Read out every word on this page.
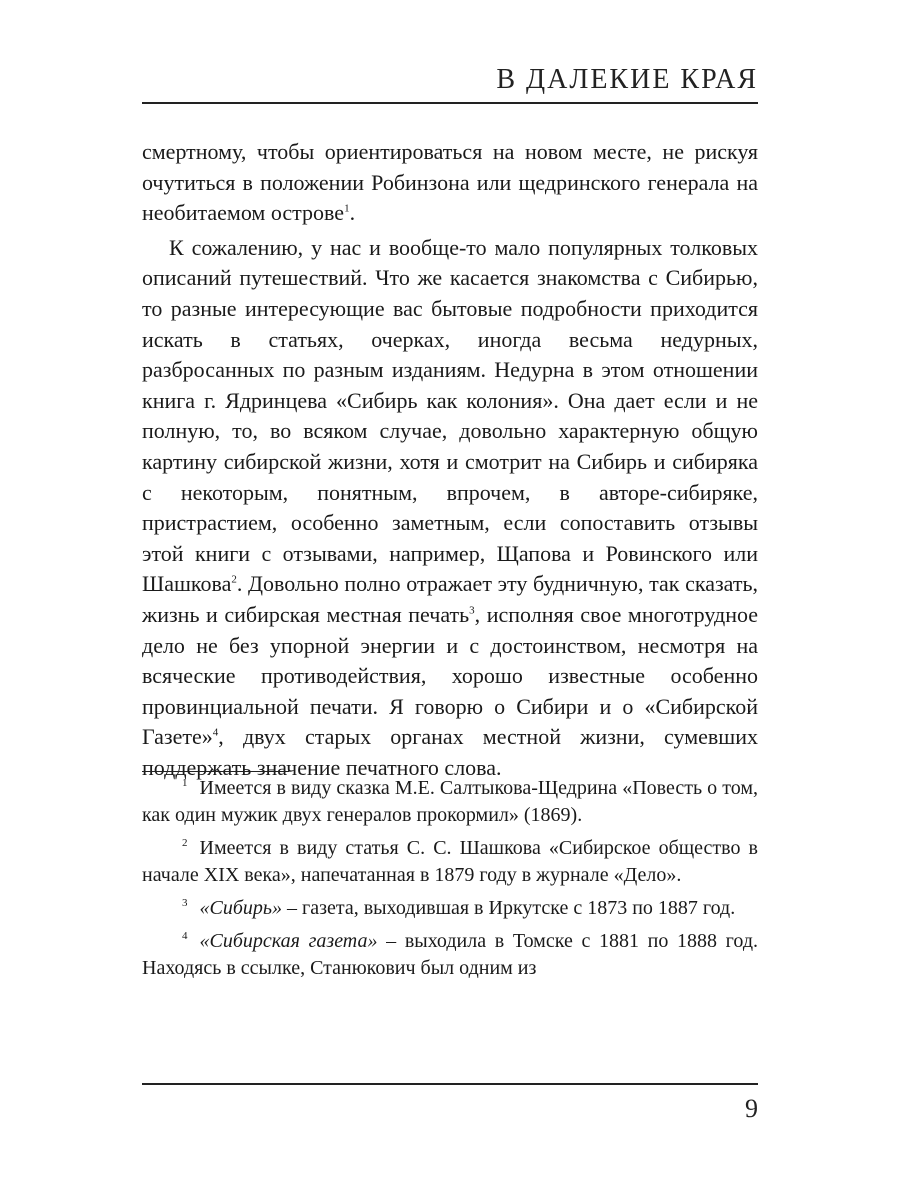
В ДАЛЕКИЕ КРАЯ

смертному, чтобы ориентироваться на новом месте, не рискуя очутиться в положении Робинзона или щедринского генерала на необитаемом острове$^1$.

К сожалению, у нас и вообще-то мало популярных толковых описаний путешествий. Что же касается знакомства с Сибирью, то разные интересующие вас бытовые подробности приходится искать в статьях, очерках, иногда весьма недурных, разбросанных по разным изданиям. Недурна в этом отношении книга г. Ядринцева «Сибирь как колония». Она дает если и не полную, то, во всяком случае, довольно характерную общую картину сибирской жизни, хотя и смотрит на Сибирь и сибиряка с некоторым, понятным, впрочем, в авторе-сибиряке, пристрастием, особенно заметным, если сопоставить отзывы этой книги с отзывами, например, Щапова и Ровинского или Шашкова$^2$. Довольно полно отражает эту будничную, так сказать, жизнь и сибирская местная печать$^3$, исполняя свое многотрудное дело не без упорной энергии и с достоинством, несмотря на всяческие противодействия, хорошо известные особенно провинциальной печати. Я говорю о Сибири и о «Сибирской Газете»$^4$, двух старых органах местной жизни, сумевших поддержать значение печатного слова.

$^1$ Имеется в виду сказка М.Е. Салтыкова-Щедрина «Повесть о том, как один мужик двух генералов прокормил» (1869).

$^2$ Имеется в виду статья С. С. Шашкова «Сибирское общество в начале XIX века», напечатанная в 1879 году в журнале «Дело».

$^3$ «Сибирь» – газета, выходившая в Иркутске с 1873 по 1887 год.

$^4$ «Сибирская газета» – выходила в Томске с 1881 по 1888 год. Находясь в ссылке, Станюкович был одним из

9
